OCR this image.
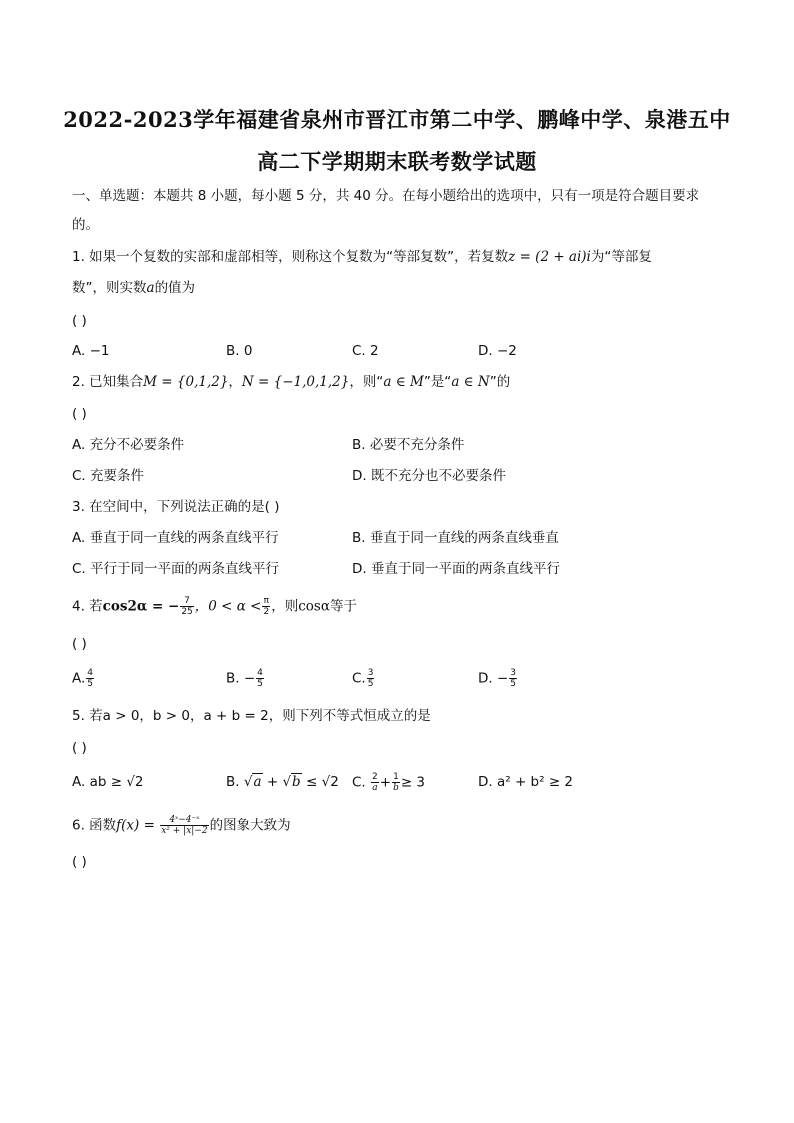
2022-2023学年福建省泉州市晋江市第二中学、鹏峰中学、泉港五中
高二下学期期末联考数学试题
一、单选题：本题共 8 小题，每小题 5 分，共 40 分。在每小题给出的选项中，只有一项是符合题目要求
的。
1. 如果一个复数的实部和虚部相等，则称这个复数为“等部复数”，若复数z = (2 + ai)i为“等部复
数”，则实数a的值为
( )
A. −1	B. 0	C. 2	D. −2
2. 已知集合M = {0,1,2}，N = {−1,0,1,2}，则“a ∈ M”是“a ∈ N”的
( )
A. 充分不必要条件	B. 必要不充分条件
C. 充要条件	D. 既不充分也不必要条件
3. 在空间中，下列说法正确的是( )
A. 垂直于同一直线的两条直线平行	B. 垂直于同一直线的两条直线垂直
C. 平行于同一平面的两条直线平行	D. 垂直于同一平面的两条直线平行
4. 若cos2α = − $\frac{7}{25}$ ，$0 < \alpha < \frac{\pi}{2}$ ，则cosα等于
( )
A. $\frac{4}{5}$	B. − $\frac{4}{5}$	C. $\frac{3}{5}$	D. − $\frac{3}{5}$
5. 若a > 0，b > 0，a + b = 2，则下列不等式恒成立的是
( )
A. ab ≥ √2	B. √a + √b ≤ √2 C. $\frac{2}{a} + \frac{1}{b} \ge 3$	D. a² + b² ≥ 2
6. 函数$f(x) = \frac{\text{4ˣ−4⁻ˣ}}{\text{x² + |x|−2}}$ 的图象大致为
( )
